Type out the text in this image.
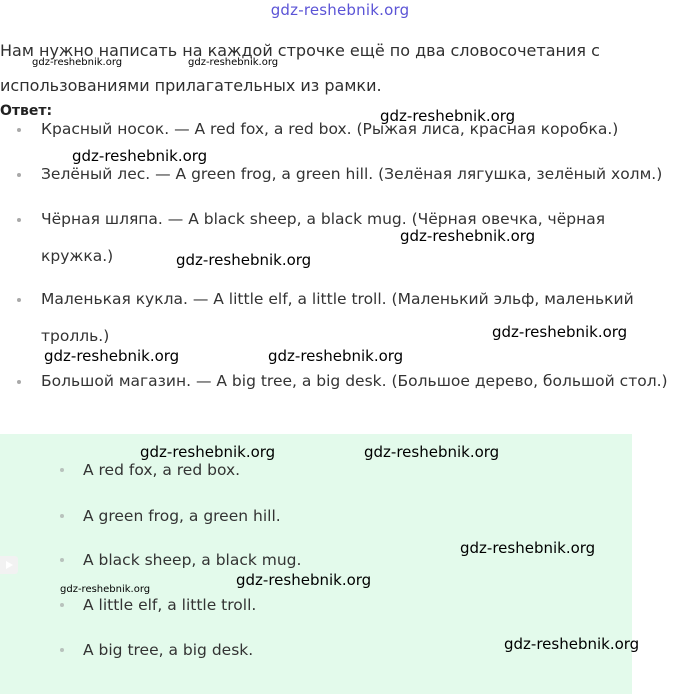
gdz-reshebnik.org

Нам нужно написать на каждой строчке ещё по два словосочетания с использованиями прилагательных из рамки.

Ответ:
Красный носок. — A red fox, a red box. (Рыжая лиса, красная коробка.)
Зелёный лес. — A green frog, a green hill. (Зелёная лягушка, зелёный холм.)
Чёрная шляпа. — A black sheep, a black mug. (Чёрная овечка, чёрная кружка.)
Маленькая кукла. — A little elf, a little troll. (Маленький эльф, маленький тролль.)
Большой магазин. — A big tree, a big desk. (Большое дерево, большой стол.)
A red fox, a red box.
A green frog, a green hill.
A black sheep, a black mug.
A little elf, a little troll.
A big tree, a big desk.
gdz-reshebnik.org	gdz-reshebnik.org
gdz-reshebnik.org
gdz-reshebnik.org
gdz-reshebnik.org
gdz-reshebnik.org
gdz-reshebnik.org
gdz-reshebnik.org	gdz-reshebnik.org
gdz-reshebnik.org	gdz-reshebnik.org
gdz-reshebnik.org
gdz-reshebnik.org
gdz-reshebnik.org
gdz-reshebnik.org
